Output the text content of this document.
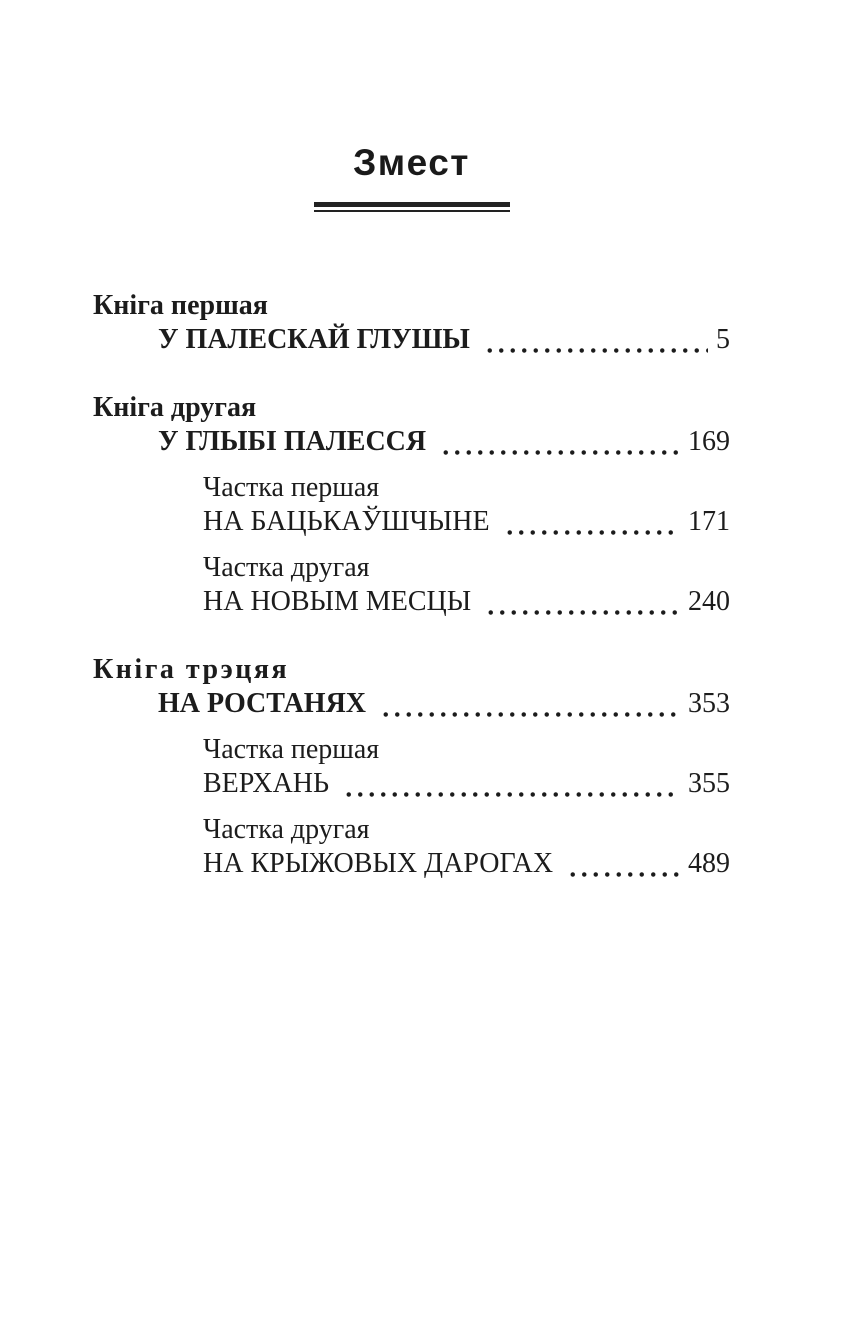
Змест
Кніга першая
У ПАЛЕСКАЙ ГЛУШЫ	5
Кніга другая
У ГЛЫБІ ПАЛЕССЯ	169
Частка першая
НА БАЦЬКАЎШЧЫНЕ	171
Частка другая
НА НОВЫМ МЕСЦЫ	240
Кніга трэцяя
НА РОСТАНЯХ	353
Частка першая
ВЕРХАНЬ	355
Частка другая
НА КРЫЖОВЫХ ДАРОГАХ	489
